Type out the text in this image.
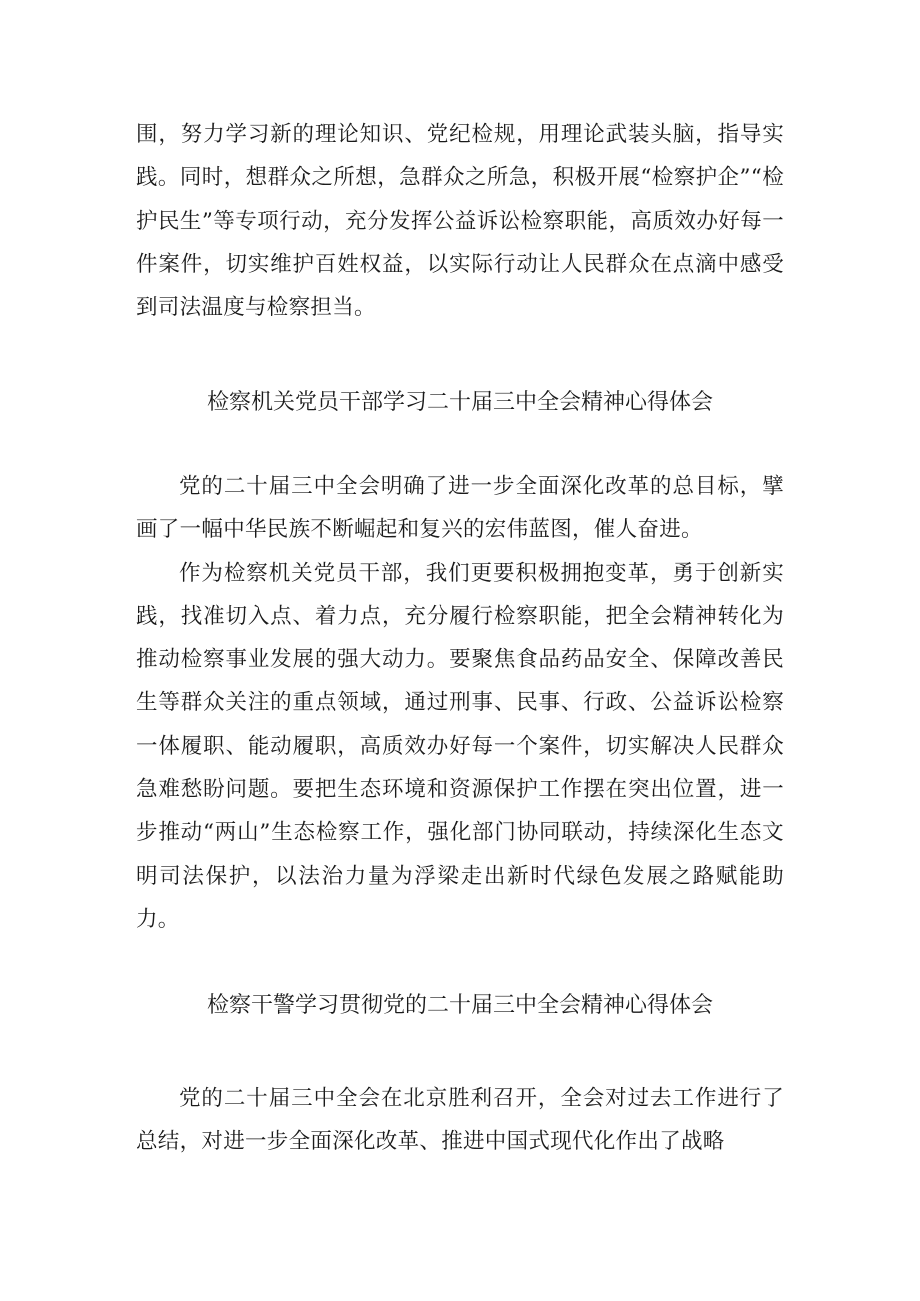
围，努力学习新的理论知识、党纪检规，用理论武装头脑，指导实践。同时，想群众之所想，急群众之所急，积极开展“检察护企”“检护民生”等专项行动，充分发挥公益诉讼检察职能，高质效办好每一件案件，切实维护百姓权益，以实际行动让人民群众在点滴中感受到司法温度与检察担当。

检察机关党员干部学习二十届三中全会精神心得体会

党的二十届三中全会明确了进一步全面深化改革的总目标，擘画了一幅中华民族不断崛起和复兴的宏伟蓝图，催人奋进。

作为检察机关党员干部，我们更要积极拥抱变革，勇于创新实践，找准切入点、着力点，充分履行检察职能，把全会精神转化为推动检察事业发展的强大动力。要聚焦食品药品安全、保障改善民生等群众关注的重点领域，通过刑事、民事、行政、公益诉讼检察一体履职、能动履职，高质效办好每一个案件，切实解决人民群众急难愁盼问题。要把生态环境和资源保护工作摆在突出位置，进一步推动“两山”生态检察工作，强化部门协同联动，持续深化生态文明司法保护，以法治力量为浮梁走出新时代绿色发展之路赋能助力。

检察干警学习贯彻党的二十届三中全会精神心得体会

党的二十届三中全会在北京胜利召开，全会对过去工作进行了总结，对进一步全面深化改革、推进中国式现代化作出了战略
